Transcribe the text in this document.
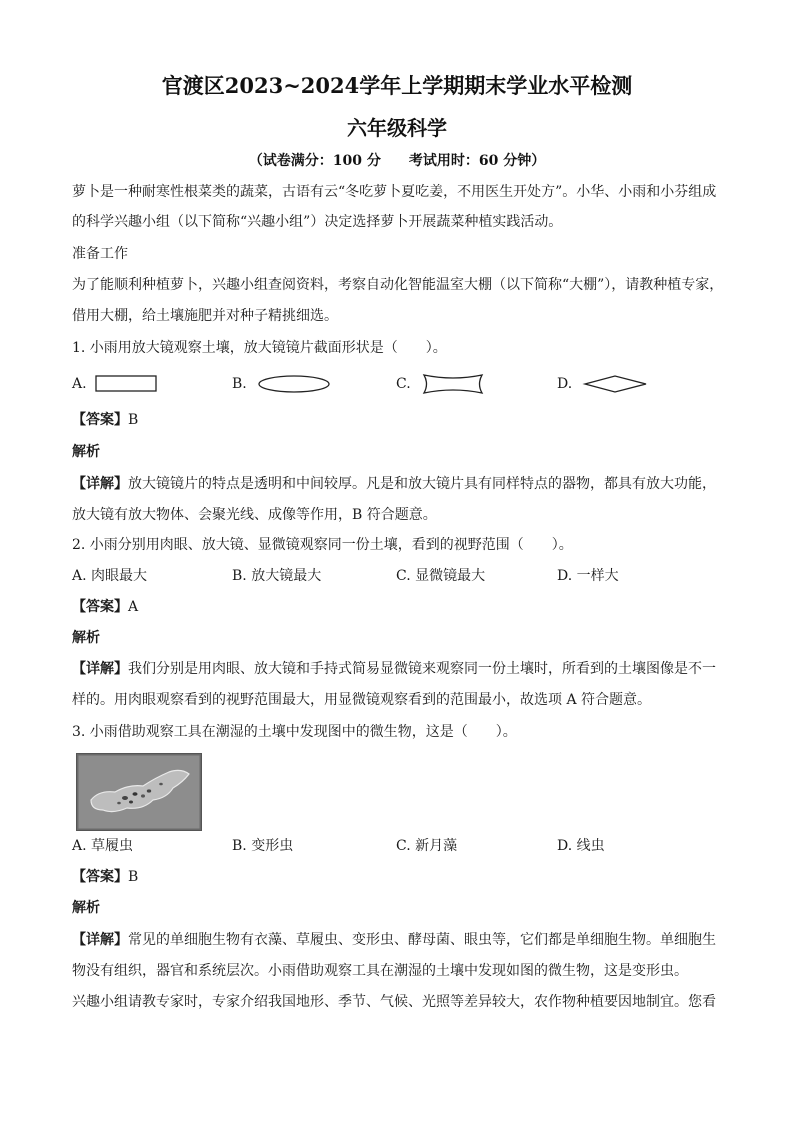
官渡区2023~2024学年上学期期末学业水平检测
六年级科学
（试卷满分：100 分　　考试用时：60 分钟）
萝卜是一种耐寒性根菜类的蔬菜，古语有云“冬吃萝卜夏吃姜，不用医生开处方”。小华、小雨和小芬组成
的科学兴趣小组（以下简称“兴趣小组”）决定选择萝卜开展蔬菜种植实践活动。
准备工作
为了能顺利种植萝卜，兴趣小组查阅资料，考察自动化智能温室大棚（以下简称“大棚”），请教种植专家，
借用大棚，给土壤施肥并对种子精挑细选。
1. 小雨用放大镜观察土壤，放大镜镜片截面形状是（　　）。
A.	B.	C.	D.
【答案】B
解析
【详解】放大镜镜片的特点是透明和中间较厚。凡是和放大镜片具有同样特点的器物，都具有放大功能，
放大镜有放大物体、会聚光线、成像等作用，B 符合题意。
2. 小雨分别用肉眼、放大镜、显微镜观察同一份土壤，看到的视野范围（　　）。
A. 肉眼最大	B. 放大镜最大	C. 显微镜最大	D. 一样大
【答案】A
解析
【详解】我们分别是用肉眼、放大镜和手持式简易显微镜来观察同一份土壤时，所看到的土壤图像是不一
样的。用肉眼观察看到的视野范围最大，用显微镜观察看到的范围最小，故选项 A 符合题意。
3. 小雨借助观察工具在潮湿的土壤中发现图中的微生物，这是（　　）。
A. 草履虫	B. 变形虫	C. 新月藻	D. 线虫
【答案】B
解析
【详解】常见的单细胞生物有衣藻、草履虫、变形虫、酵母菌、眼虫等，它们都是单细胞生物。单细胞生
物没有组织，器官和系统层次。小雨借助观察工具在潮湿的土壤中发现如图的微生物，这是变形虫。
兴趣小组请教专家时，专家介绍我国地形、季节、气候、光照等差异较大，农作物种植要因地制宜。您看
